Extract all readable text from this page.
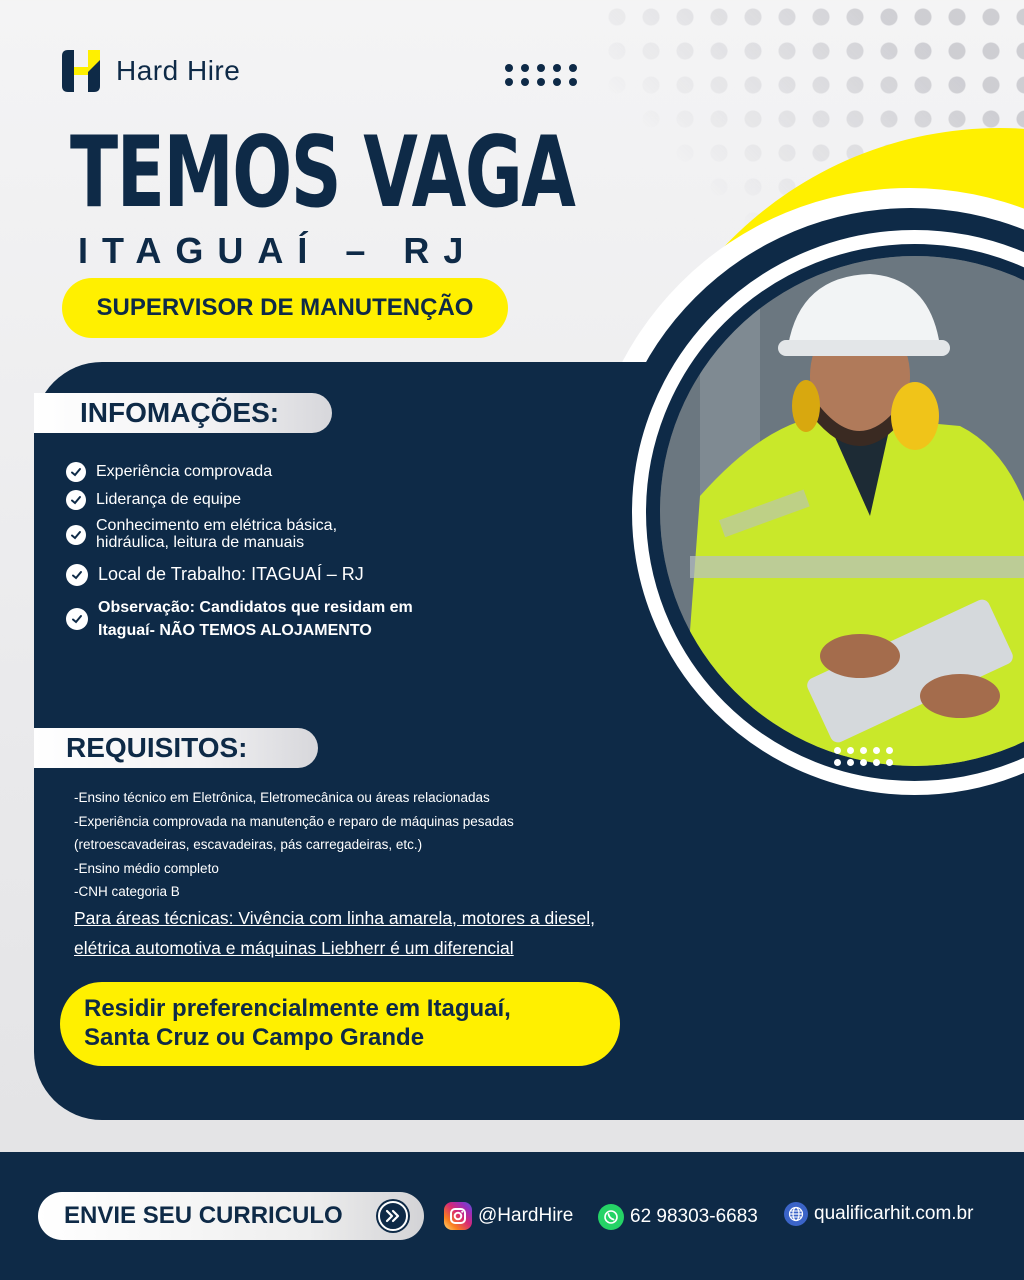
Hard Hire
TEMOS VAGA
ITAGUAÍ – RJ
SUPERVISOR DE MANUTENÇÃO
INFOMAÇÕES:
Experiência comprovada
Liderança de equipe
Conhecimento em elétrica básica,
hidráulica, leitura de manuais
Local de Trabalho: ITAGUAÍ – RJ
Observação: Candidatos que residam em
Itaguaí- NÃO TEMOS ALOJAMENTO
REQUISITOS:
-Ensino técnico em Eletrônica, Eletromecânica ou áreas relacionadas
-Experiência comprovada na manutenção e reparo de máquinas pesadas
(retroescavadeiras, escavadeiras, pás carregadeiras, etc.)
-Ensino médio completo
-CNH categoria B
Para áreas técnicas: Vivência com linha amarela, motores a diesel,
elétrica automotiva e máquinas Liebherr é um diferencial
Residir preferencialmente em Itaguaí,
Santa Cruz ou Campo Grande
ENVIE SEU CURRICULO	@HardHire	62 98303-6683	qualificarhit.com.br
